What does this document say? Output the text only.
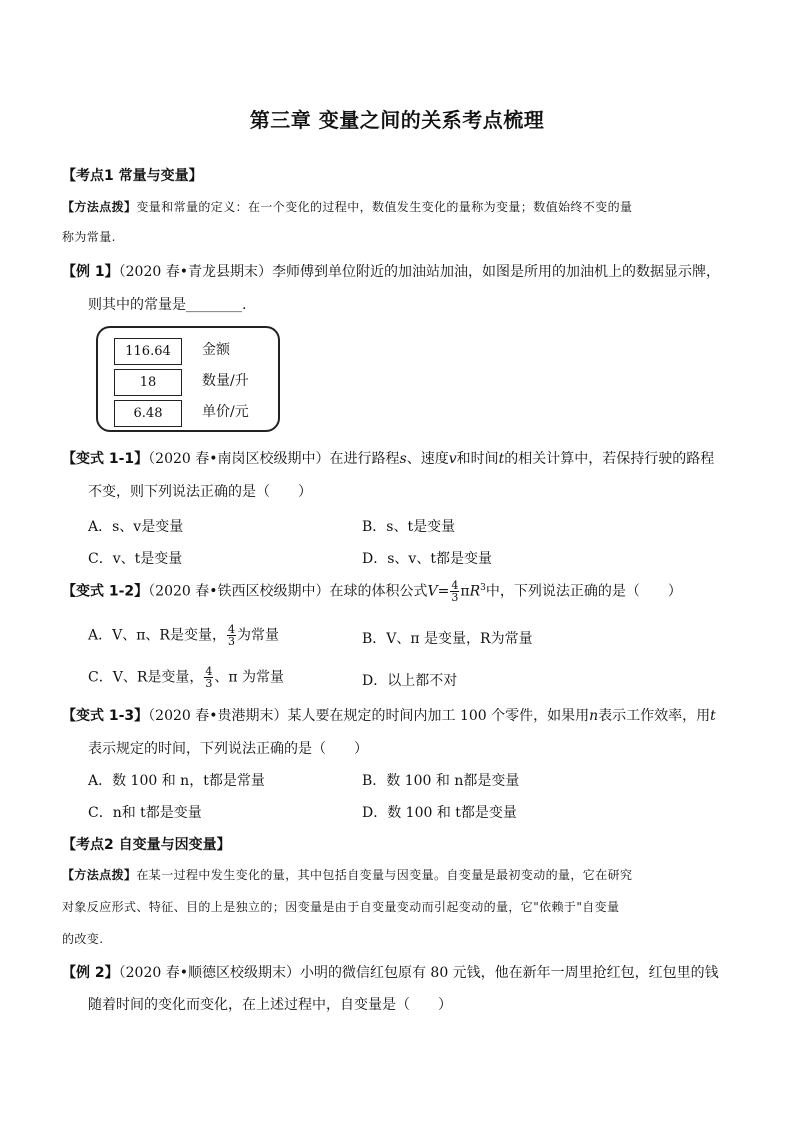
第三章 变量之间的关系考点梳理
【考点1 常量与变量】
【方法点拨】变量和常量的定义：在一个变化的过程中，数值发生变化的量称为变量；数值始终不变的量
称为常量.
【例 1】（2020 春•青龙县期末）李师傅到单位附近的加油站加油，如图是所用的加油机上的数据显示牌，
则其中的常量是________.
116.64	金额
18	数量/升
6.48	单价/元
【变式 1-1】（2020 春•南岗区校级期中）在进行路程s、速度v和时间t的相关计算中，若保持行驶的路程
不变，则下列说法正确的是（　　）
A．s、v是变量	B．s、t是变量
C．v、t是变量	D．s、v、t都是变量
【变式 1-2】（2020 春•铁西区校级期中）在球的体积公式$V= \frac{4}{3} \pi R^3$中，下列说法正确的是（　　）
A．V、π、R是变量， $\frac{4}{3}$ 为常量	B．V、π 是变量，R为常量
C．V、R是变量， $\frac{4}{3}$ 、π 为常量	D．以上都不对
【变式 1-3】（2020 春•贵港期末）某人要在规定的时间内加工 100 个零件，如果用n表示工作效率，用t
表示规定的时间，下列说法正确的是（　　）
A．数 100 和 n，t都是常量	B．数 100 和 n都是变量
C．n和 t都是变量	D．数 100 和 t都是变量
【考点2 自变量与因变量】
【方法点拨】在某一过程中发生变化的量，其中包括自变量与因变量。自变量是最初变动的量，它在研究
对象反应形式、特征、目的上是独立的；因变量是由于自变量变动而引起变动的量，它"依赖于"自变量
的改变.
【例 2】（2020 春•顺德区校级期末）小明的微信红包原有 80 元钱，他在新年一周里抢红包，红包里的钱
随着时间的变化而变化，在上述过程中，自变量是（　　）
